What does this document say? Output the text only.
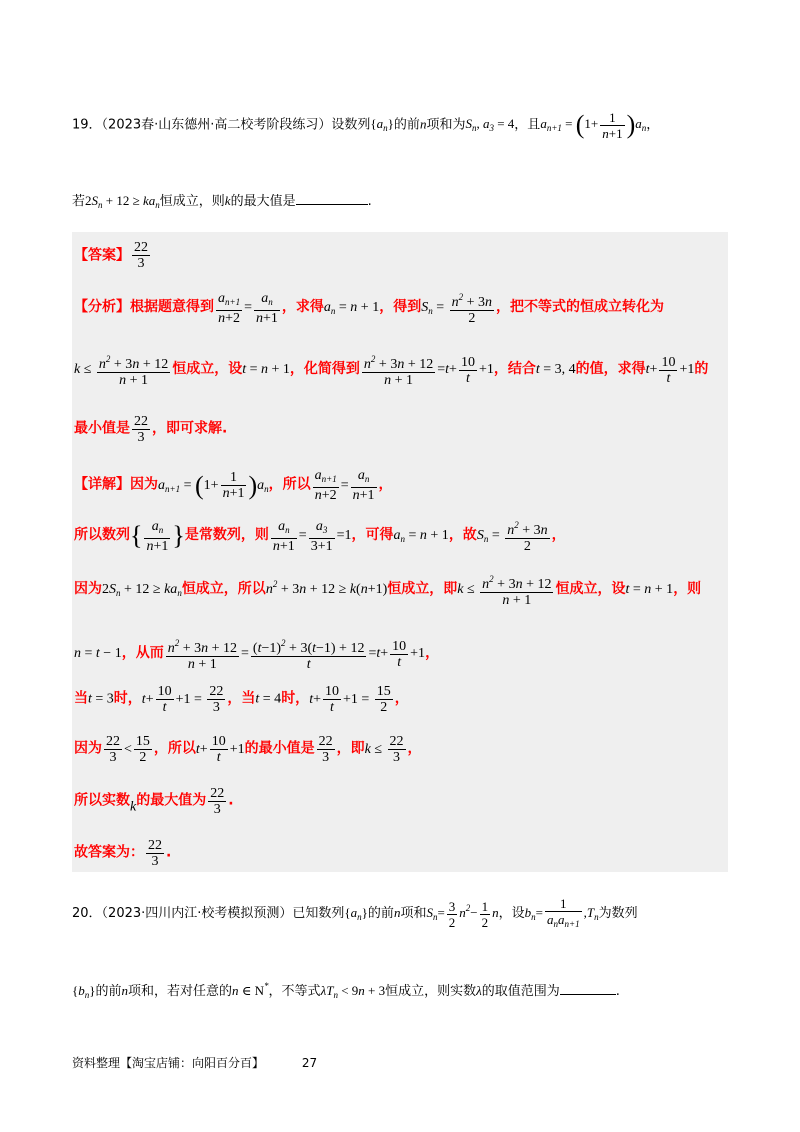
19．（2023春·山东德州·高二校考阶段练习）设数列$\{a_n\}$的前n项和为$S_n$, $a_3 = 4$，且$a_{n+1} = (1+ \frac{1}{n+1} )a_n$，
若$2S_n + 12 \ge ka_n$恒成立，则k的最大值是	.
【答案】 $\frac{22}{3}$
【分析】根据题意得到 $\frac{a_{n+1}}{n+2} = \frac{a_n}{n+1}$ ，求得$a_n = n + 1$，得到$S_n = \frac{n^2 + 3n}{2}$ ，把不等式的恒成立转化为
$k \le \frac{n^2 + 3n + 12}{n + 1}$ 恒成立，设t = n + 1，化简得到 $\frac{n^2 + 3n + 12}{n + 1} =t+ \frac{10}{t} +1$，结合t = 3, 4的值，求得$t+ \frac{10}{t} +1$的
最小值是 $\frac{22}{3}$ ，即可求解.
【详解】因为$a_{n+1} = (1+ \frac{1}{n+1} )a_n$，所以 $\frac{a_{n+1}}{n+2} = \frac{a_n}{n+1}$ ，
所以数列{ $\frac{a_n}{n+1}$ }是常数列，则 $\frac{a_n}{n+1} = \frac{a_3}{3+1} =1$，可得$a_n = n + 1$，故$S_n = \frac{n^2 + 3n}{2}$ ，
因为$2S_n + 12 \ge ka_n$恒成立，所以$n^2 + 3n + 12 \ge k(n+1)$恒成立，即$k \le \frac{n^2 + 3n + 12}{n + 1}$ 恒成立，设t = n + 1，则
n = t − 1，从而 $\frac{n^2 + 3n + 12}{n + 1} = \frac{(t-1)^2 + 3(t-1) + 12}{t} =t+ \frac{10}{t} +1$，
当t = 3时，$t+ \frac{10}{t} +1 = \frac{22}{3}$ ，当t = 4时，$t+ \frac{10}{t} +1 = \frac{15}{2}$ ，
因为 $\frac{22}{3} < \frac{15}{2}$ ，所以$t+ \frac{10}{t} +1$的最小值是 $\frac{22}{3}$ ，即$k \le \frac{22}{3}$ ，
所以实数k的最大值为 $\frac{22}{3}$ .
故答案为： $\frac{22}{3}$ .
20．（2023·四川内江·校考模拟预测）已知数列$\{a_n\}$的前n项和$S_n= \frac{3}{2} n^2- \frac{1}{2}$ n，设$b_n= \frac{1}{a_na_{n+1}} ,T_n$为数列
$\{b_n\}$的前n项和，若对任意的n ∈ N*，不等式$\lambda T_n < 9n + 3$恒成立，则实数λ的取值范围为	.
资料整理【淘宝店铺：向阳百分百】	27
